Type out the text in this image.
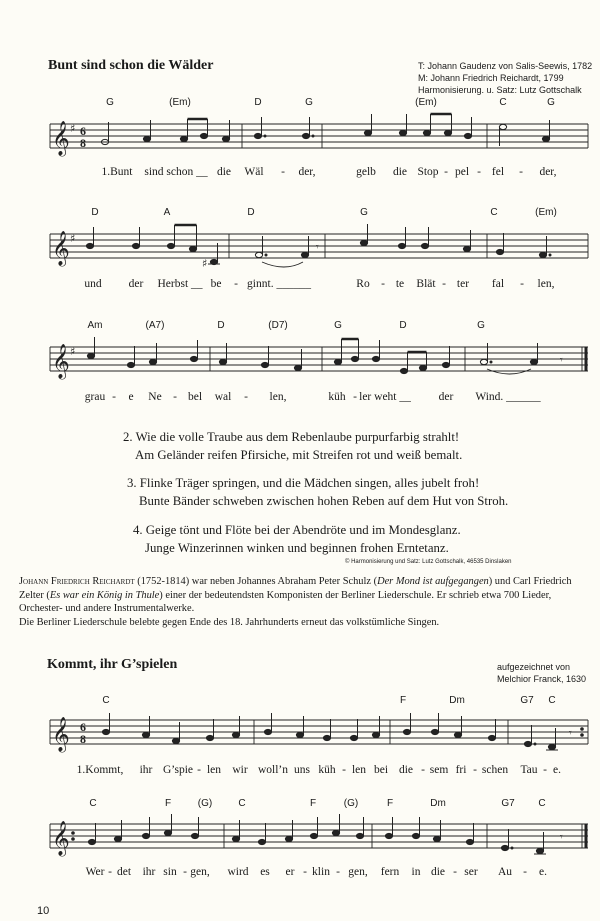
Bunt sind schon die Wälder	T: Johann Gaudenz von Salis-Seewis, 1782
M: Johann Friedrich Reichardt, 1799
Harmonisierung. u. Satz: Lutz Gottschalk
G	(Em)	D	G	(Em)	C	G
𝄞 ♯ 6
8
1.Bunt sind schon __ die Wäl - der,	gelb die Stop - pel - fel - der,
D	A	D	G	C	(Em)
𝄞 ♯
♯
𝄾
und der Herbst __ be - ginnt. ______	Ro - te Blät - ter fal - len,
Am	(A7)	D	(D7)	G	D	G
𝄞 ♯
𝄾
grau - e Ne - bel wal - len,	küh - ler weht __ der Wind. ______
2. Wie die volle Traube aus dem Rebenlaube purpurfarbig strahlt!
Am Geländer reifen Pfirsiche, mit Streifen rot und weiß bemalt.
3. Flinke Träger springen, und die Mädchen singen, alles jubelt froh!
Bunte Bänder schweben zwischen hohen Reben auf dem Hut von Stroh.
4. Geige tönt und Flöte bei der Abendröte und im Mondesglanz.
Junge Winzerinnen winken und beginnen frohen Erntetanz.
© Harmonisierung und Satz: Lutz Gottschalk, 46535 Dinslaken
Johann Friedrich Reichardt (1752-1814) war neben Johannes Abraham Peter Schulz (Der Mond ist aufgegangen) und Carl Friedrich Zelter (Es war ein König in Thule) einer der bedeutendsten Komponisten der Berliner Liederschule. Er schrieb etwa 700 Lieder, Orchester- und andere Instrumentalwerke.
Die Berliner Liederschule belebte gegen Ende des 18. Jahrhunderts erneut das volkstümliche Singen.
Kommt, ihr G’spielen	aufgezeichnet von
Melchior Franck, 1630
C	F	Dm	G7 C
𝄞 6
8	𝄾
1.Kommt, ihr G’spie - len wir woll’n uns küh - len bei die - sem fri - schen Tau - e.
C	F	(G)	C	F	(G)	F	Dm	G7 C
𝄞	𝄾
Wer - det ihr sin - gen, wird es er - klin - gen, fern in die - ser Au - e.
10
